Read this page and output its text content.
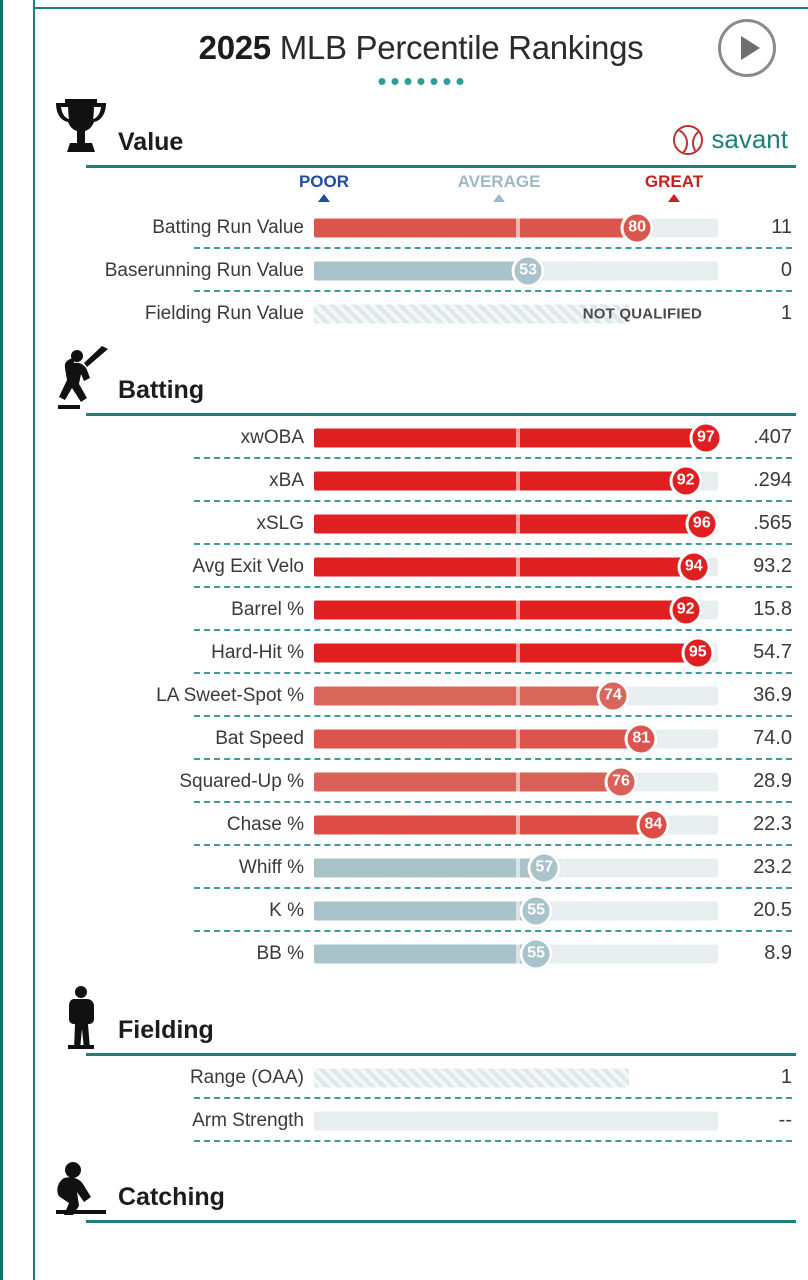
2025 MLB Percentile Rankings
Value	savant
POOR	AVERAGE	GREAT
Batting Run Value	80	11
Baserunning Run Value	53	0
Fielding Run Value	NOT QUALIFIED	1
Batting
xwOBA	97	.407
xBA	92	.294
xSLG	96	.565
Avg Exit Velo	94	93.2
Barrel %	92	15.8
Hard-Hit %	95	54.7
LA Sweet-Spot %	74	36.9
Bat Speed	81	74.0
Squared-Up %	76	28.9
Chase %	84	22.3
Whiff %	57	23.2
K %	55	20.5
BB %	55	8.9
Fielding
Range (OAA)	1
Arm Strength	--
Catching
